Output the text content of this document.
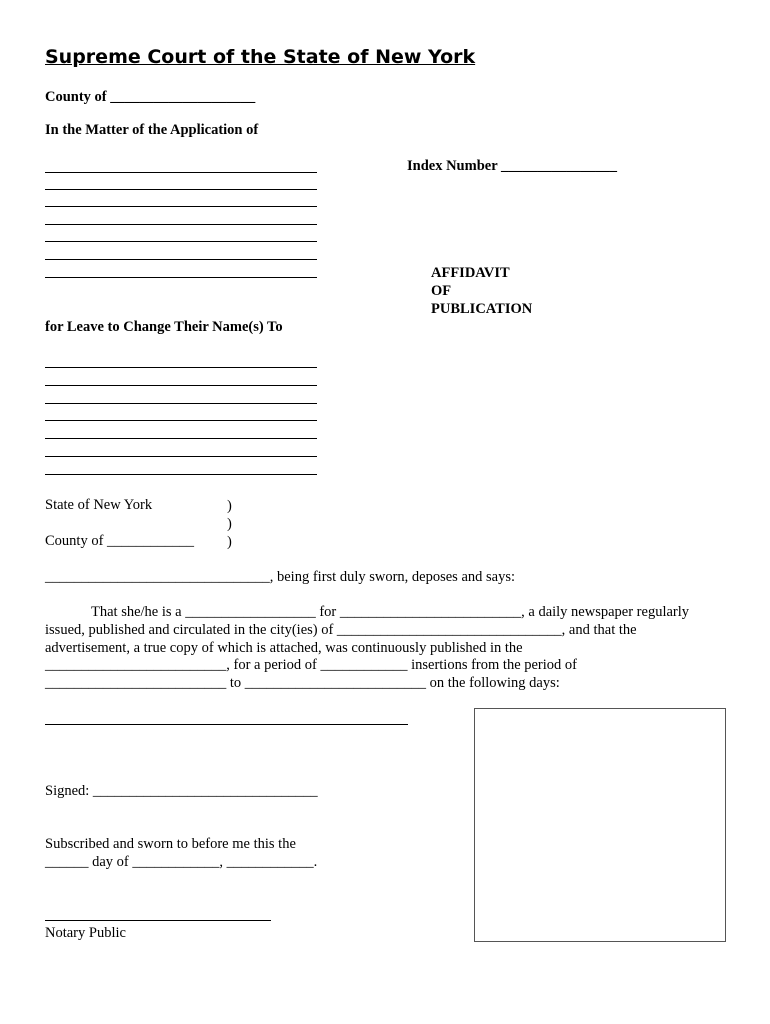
Supreme Court of the State of New York
County of ____________________
In the Matter of the Application of
Index Number ________________
AFFIDAVIT
OF
PUBLICATION
for Leave to Change Their Name(s) To
State of New York	)
)
County of ____________ )
_______________________________, being first duly sworn, deposes and says:
That she/he is a __________________ for _________________________, a daily newspaper regularly
issued, published and circulated in the city(ies) of _______________________________, and that the
advertisement, a true copy of which is attached, was continuously published in the
_________________________, for a period of ____________ insertions from the period of
_________________________ to _________________________ on the following days:
Signed: _______________________________
Subscribed and sworn to before me this the
______ day of ____________, ____________.
Notary Public
